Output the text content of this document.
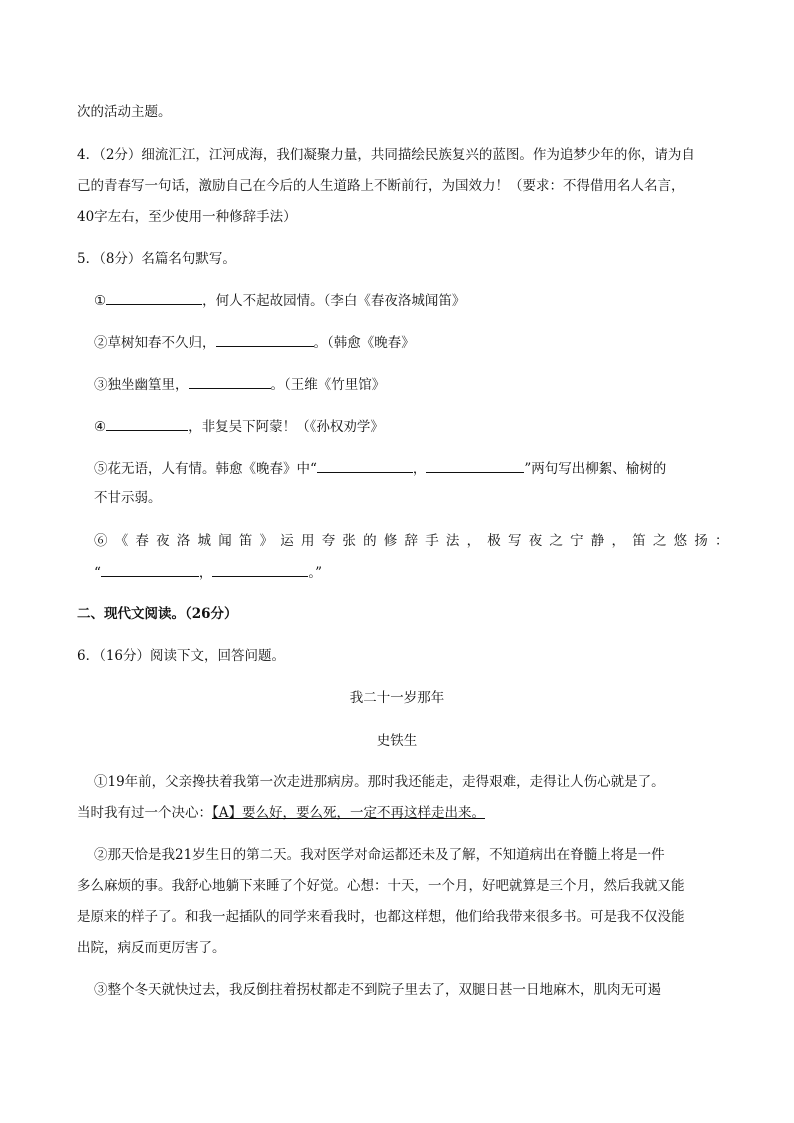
次的活动主题。
4．（2分）细流汇江，江河成海，我们凝聚力量，共同描绘民族复兴的蓝图。作为追梦少年的你，请为自
己的青春写一句话，激励自己在今后的人生道路上不断前行，为国效力！（要求：不得借用名人名言，
40字左右，至少使用一种修辞手法）
5．（8分）名篇名句默写。
①	，何人不起故园情。（李白《春夜洛城闻笛》
②草树知春不久归，	。（韩愈《晚春》
③独坐幽篁里，	。（王维《竹里馆》
④	，非复吴下阿蒙！（《孙权劝学》
⑤花无语，人有情。韩愈《晚春》中“	，	”两句写出柳絮、榆树的
不甘示弱。
⑥《春夜洛城闻笛》运用夸张的修辞手法，极写夜之宁静，笛之悠扬：
“	，	。”
二、现代文阅读。（26分）
6．（16分）阅读下文，回答问题。
我二十一岁那年
史铁生
①19年前，父亲搀扶着我第一次走进那病房。那时我还能走，走得艰难，走得让人伤心就是了。
当时我有过一个决心：【A】要么好，要么死，一定不再这样走出来。
②那天恰是我21岁生日的第二天。我对医学对命运都还未及了解，不知道病出在脊髓上将是一件
多么麻烦的事。我舒心地躺下来睡了个好觉。心想：十天，一个月，好吧就算是三个月，然后我就又能
是原来的样子了。和我一起插队的同学来看我时，也都这样想，他们给我带来很多书。可是我不仅没能
出院，病反而更厉害了。
③整个冬天就快过去，我反倒拄着拐杖都走不到院子里去了，双腿日甚一日地麻木，肌肉无可遏
